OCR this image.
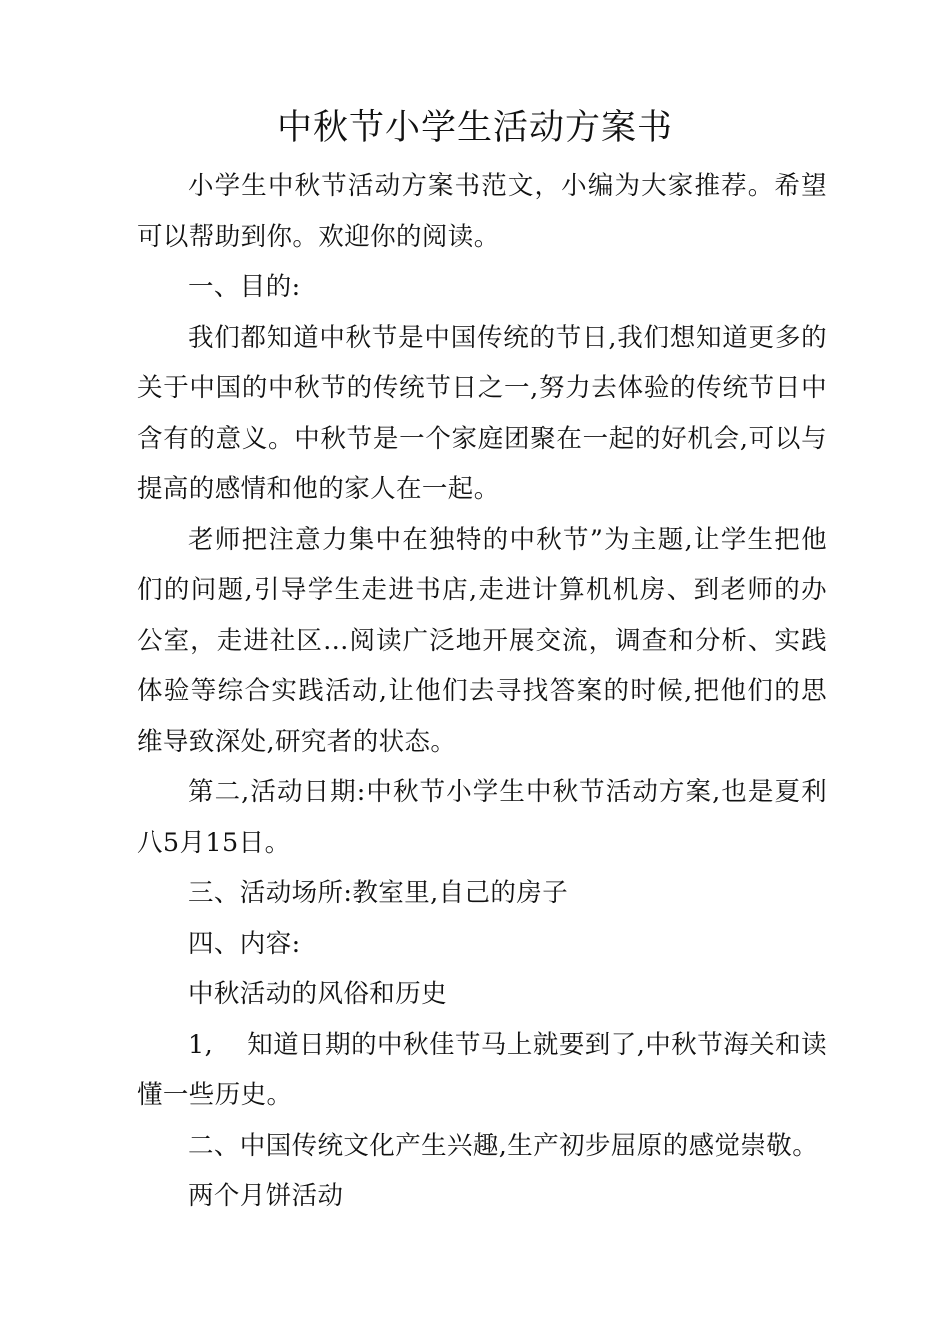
中秋节小学生活动方案书

小学生中秋节活动方案书范文，小编为大家推荐。希望可以帮助到你。欢迎你的阅读。

一、目的:

我们都知道中秋节是中国传统的节日,我们想知道更多的关于中国的中秋节的传统节日之一,努力去体验的传统节日中含有的意义。中秋节是一个家庭团聚在一起的好机会,可以与提高的感情和他的家人在一起。

老师把注意力集中在独特的中秋节”为主题,让学生把他们的问题,引导学生走进书店,走进计算机机房、到老师的办公室，走进社区…阅读广泛地开展交流，调查和分析、实践体验等综合实践活动,让他们去寻找答案的时候,把他们的思维导致深处,研究者的状态。

第二,活动日期:中秋节小学生中秋节活动方案,也是夏利八5月15日。

三、活动场所:教室里,自己的房子

四、内容:

中秋活动的风俗和历史

1, 知道日期的中秋佳节马上就要到了,中秋节海关和读懂一些历史。

二、中国传统文化产生兴趣,生产初步屈原的感觉崇敬。

两个月饼活动
